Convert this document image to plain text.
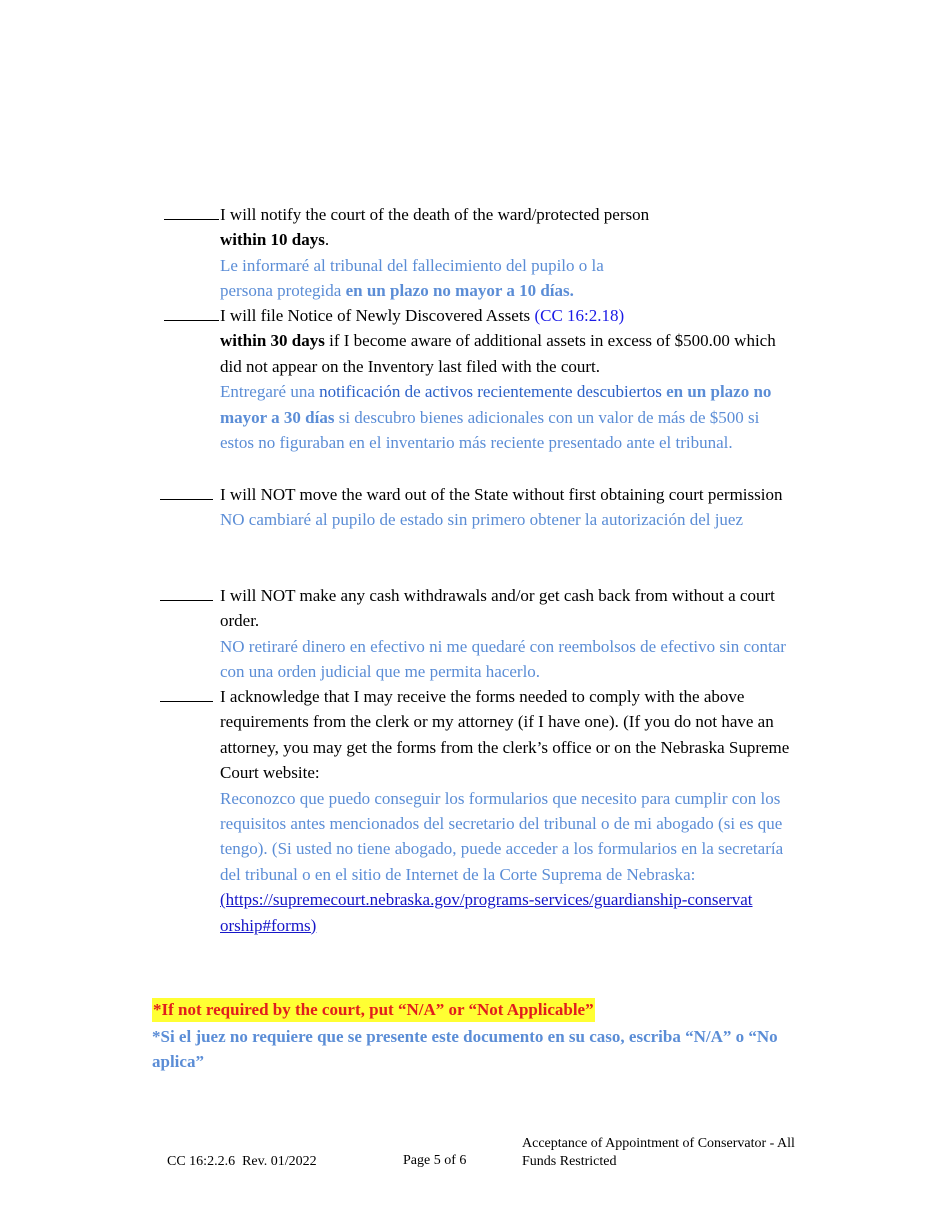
I will notify the court of the death of the ward/protected person
within 10 days.

Le informaré al tribunal del fallecimiento del pupilo o la persona protegida en un plazo no mayor a 10 días.

I will file Notice of Newly Discovered Assets (CC 16:2.18)
within 30 days if I become aware of additional assets in excess of $500.00 which did not appear on the Inventory last filed with the court.

Entregaré una notificación de activos recientemente descubiertos en un plazo no mayor a 30 días si descubro bienes adicionales con un valor de más de $500 si estos no figuraban en el inventario más reciente presentado ante el tribunal.

I will NOT move the ward out of the State without first obtaining court permission

NO cambiaré al pupilo de estado sin primero obtener la autorización del juez

I will NOT make any cash withdrawals and/or get cash back from without a court order.

NO retiraré dinero en efectivo ni me quedaré con reembolsos de efectivo sin contar con una orden judicial que me permita hacerlo.

I acknowledge that I may receive the forms needed to comply with the above requirements from the clerk or my attorney (if I have one). (If you do not have an attorney, you may get the forms from the clerk’s office or on the Nebraska Supreme Court website:

Reconozco que puedo conseguir los formularios que necesito para cumplir con los requisitos antes mencionados del secretario del tribunal o de mi abogado (si es que tengo). (Si usted no tiene abogado, puede acceder a los formularios en la secretaría del tribunal o en el sitio de Internet de la Corte Suprema de Nebraska:

(https://supremecourt.nebraska.gov/programs-services/guardianship-conservatorship#forms)

*If not required by the court, put “N/A” or “Not Applicable”
*Si el juez no requiere que se presente este documento en su caso, escriba “N/A” o “No aplica”
CC 16:2.2.6  Rev. 01/2022	Page 5 of 6
Acceptance of Appointment of Conservator - All Funds Restricted
